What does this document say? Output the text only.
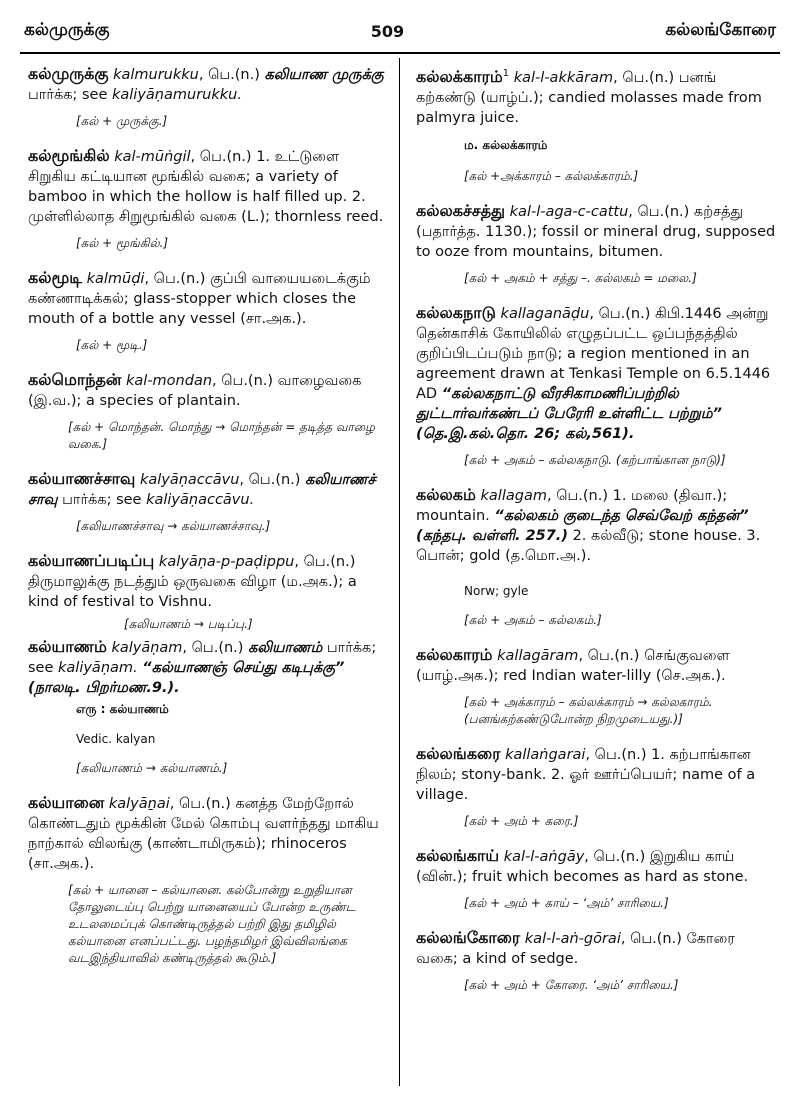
கல்முருக்கு	509	கல்லங்கோரை
கல்முருக்கு kalmurukku, பெ.(n.) கலியாண முருக்கு பார்க்க; see kaliyāṇamurukku.
[கல் + முருக்கு.]
கல்மூங்கில் kal-mūṅgil, பெ.(n.) 1. உட்டுளை சிறுகிய கட்டியான மூங்கில் வகை; a variety of bamboo in which the hollow is half filled up. 2. முள்ளில்லாத சிறுமூங்கில் வகை (L.); thornless reed.
[கல் + மூங்கில்.]
கல்மூடி kalmūḍi, பெ.(n.) குப்பி வாயையடைக்கும் கண்ணாடிக்கல்; glass-stopper which closes the mouth of a bottle any vessel (சா.அக.).
[கல் + மூடி.]
கல்மொந்தன் kal-mondan, பெ.(n.) வாழைவகை (இ.வ.); a species of plantain.
[கல் + மொந்தன். மொந்து → மொந்தன் = தடித்த வாழை வகை.]
கல்யாணச்சாவு kalyāṇaccāvu, பெ.(n.) கலியாணச் சாவு பார்க்க; see kaliyāṇaccāvu.
[கலியாணச்சாவு → கல்யாணச்சாவு.]
கல்யாணப்படிப்பு kalyāṇa-p-paḍippu, பெ.(n.) திருமாலுக்கு நடத்தும் ஒருவகை விழா (ம.அக.); a kind of festival to Vishnu.
[கலியாணம் → படிப்பு.]
கல்யாணம் kalyāṇam, பெ.(n.) கலியாணம் பார்க்க; see kaliyāṇam. “கல்யாணஞ் செய்து கடிபுக்கு” (நாலடி. பிறர்மண.9.).
எரு : கல்யாணம்
Vedic. kalyan
[கலியாணம் → கல்யாணம்.]
கல்யானை kalyāṉai, பெ.(n.) கனத்த மேற்றோல் கொண்டதும் மூக்கின் மேல் கொம்பு வளர்ந்தது மாகிய நாற்கால் விலங்கு (காண்டாமிருகம்); rhinoceros (சா.அக.).
[கல் + யானை – கல்யானை. கல்போன்று உறுதியான தோலுடைய்பு பெற்று யானையைப் போன்ற உருண்ட உடலமைப்புக் கொண்டிருத்தல் பற்றி இது தமிழில் கல்யானை எனப்பட்டது. பழந்தமிழர் இவ்விலங்கை வடஇந்தியாவில் கண்டிருத்தல் கூடும்.]
கல்லக்காரம்$^1$ kal-l-akkāram, பெ.(n.) பனங் கற்கண்டு (யாழ்ப்.); candied molasses made from palmyra juice.
ம. கல்லக்காரம்
[கல் +அக்காரம் – கல்லக்காரம்.]
கல்லகச்சத்து kal-l-aga-c-cattu, பெ.(n.) கற்சத்து (பதார்த்த. 1130.); fossil or mineral drug, supposed to ooze from mountains, bitumen.
[கல் + அகம் + சத்து –. கல்லகம் = மலை.]
கல்லகநாடு kallaganāḍu, பெ.(n.) கிபி.1446 அன்று தென்காசிக் கோயிலில் எழுதப்பட்ட ஒப்பந்தத்தில் குறிப்பிடப்படும் நாடு; a region mentioned in an agreement drawn at Tenkasi Temple on 6.5.1446 AD “கல்லகநாட்டு வீரசிகாமணிப்பற்றில் துட்டார்வர்கண்டப் பேரேரி உள்ளிட்ட பற்றும்” (தெ.இ.கல்.தொ. 26; கல்,561).
[கல் + அகம் – கல்லகநாடு. (கற்பாங்கான நாடு)]
கல்லகம் kallagam, பெ.(n.) 1. மலை (திவா.); mountain. “கல்லகம் குடைந்த செவ்வேற் கந்தன்” (கந்தபு. வள்ளி. 257.) 2. கல்வீடு; stone house. 3. பொன்; gold (த.மொ.அ.).
Norw; gyle
[கல் + அகம் – கல்லகம்.]
கல்லகாரம் kallagāram, பெ.(n.) செங்குவளை (யாழ்.அக.); red Indian water-lilly (செ.அக.).
[கல் + அக்காரம் – கல்லக்காரம் → கல்லகாரம். (பனங்கற்கண்டுபோன்ற நிறமுடையது.)]
கல்லங்கரை kallaṅgarai, பெ.(n.) 1. கற்பாங்கான நிலம்; stony-bank. 2. ஓர் ஊர்ப்பெயர்; name of a village.
[கல் + அம் + கரை.]
கல்லங்காய் kal-l-aṅgāy, பெ.(n.) இறுகிய காய் (வின்.); fruit which becomes as hard as stone.
[கல் + அம் + காய் – ‘அம்’ சாரியை.]
கல்லங்கோரை kal-l-aṅ-gōrai, பெ.(n.) கோரை வகை; a kind of sedge.
[கல் + அம் + கோரை. ‘அம்’ சாரியை.]
